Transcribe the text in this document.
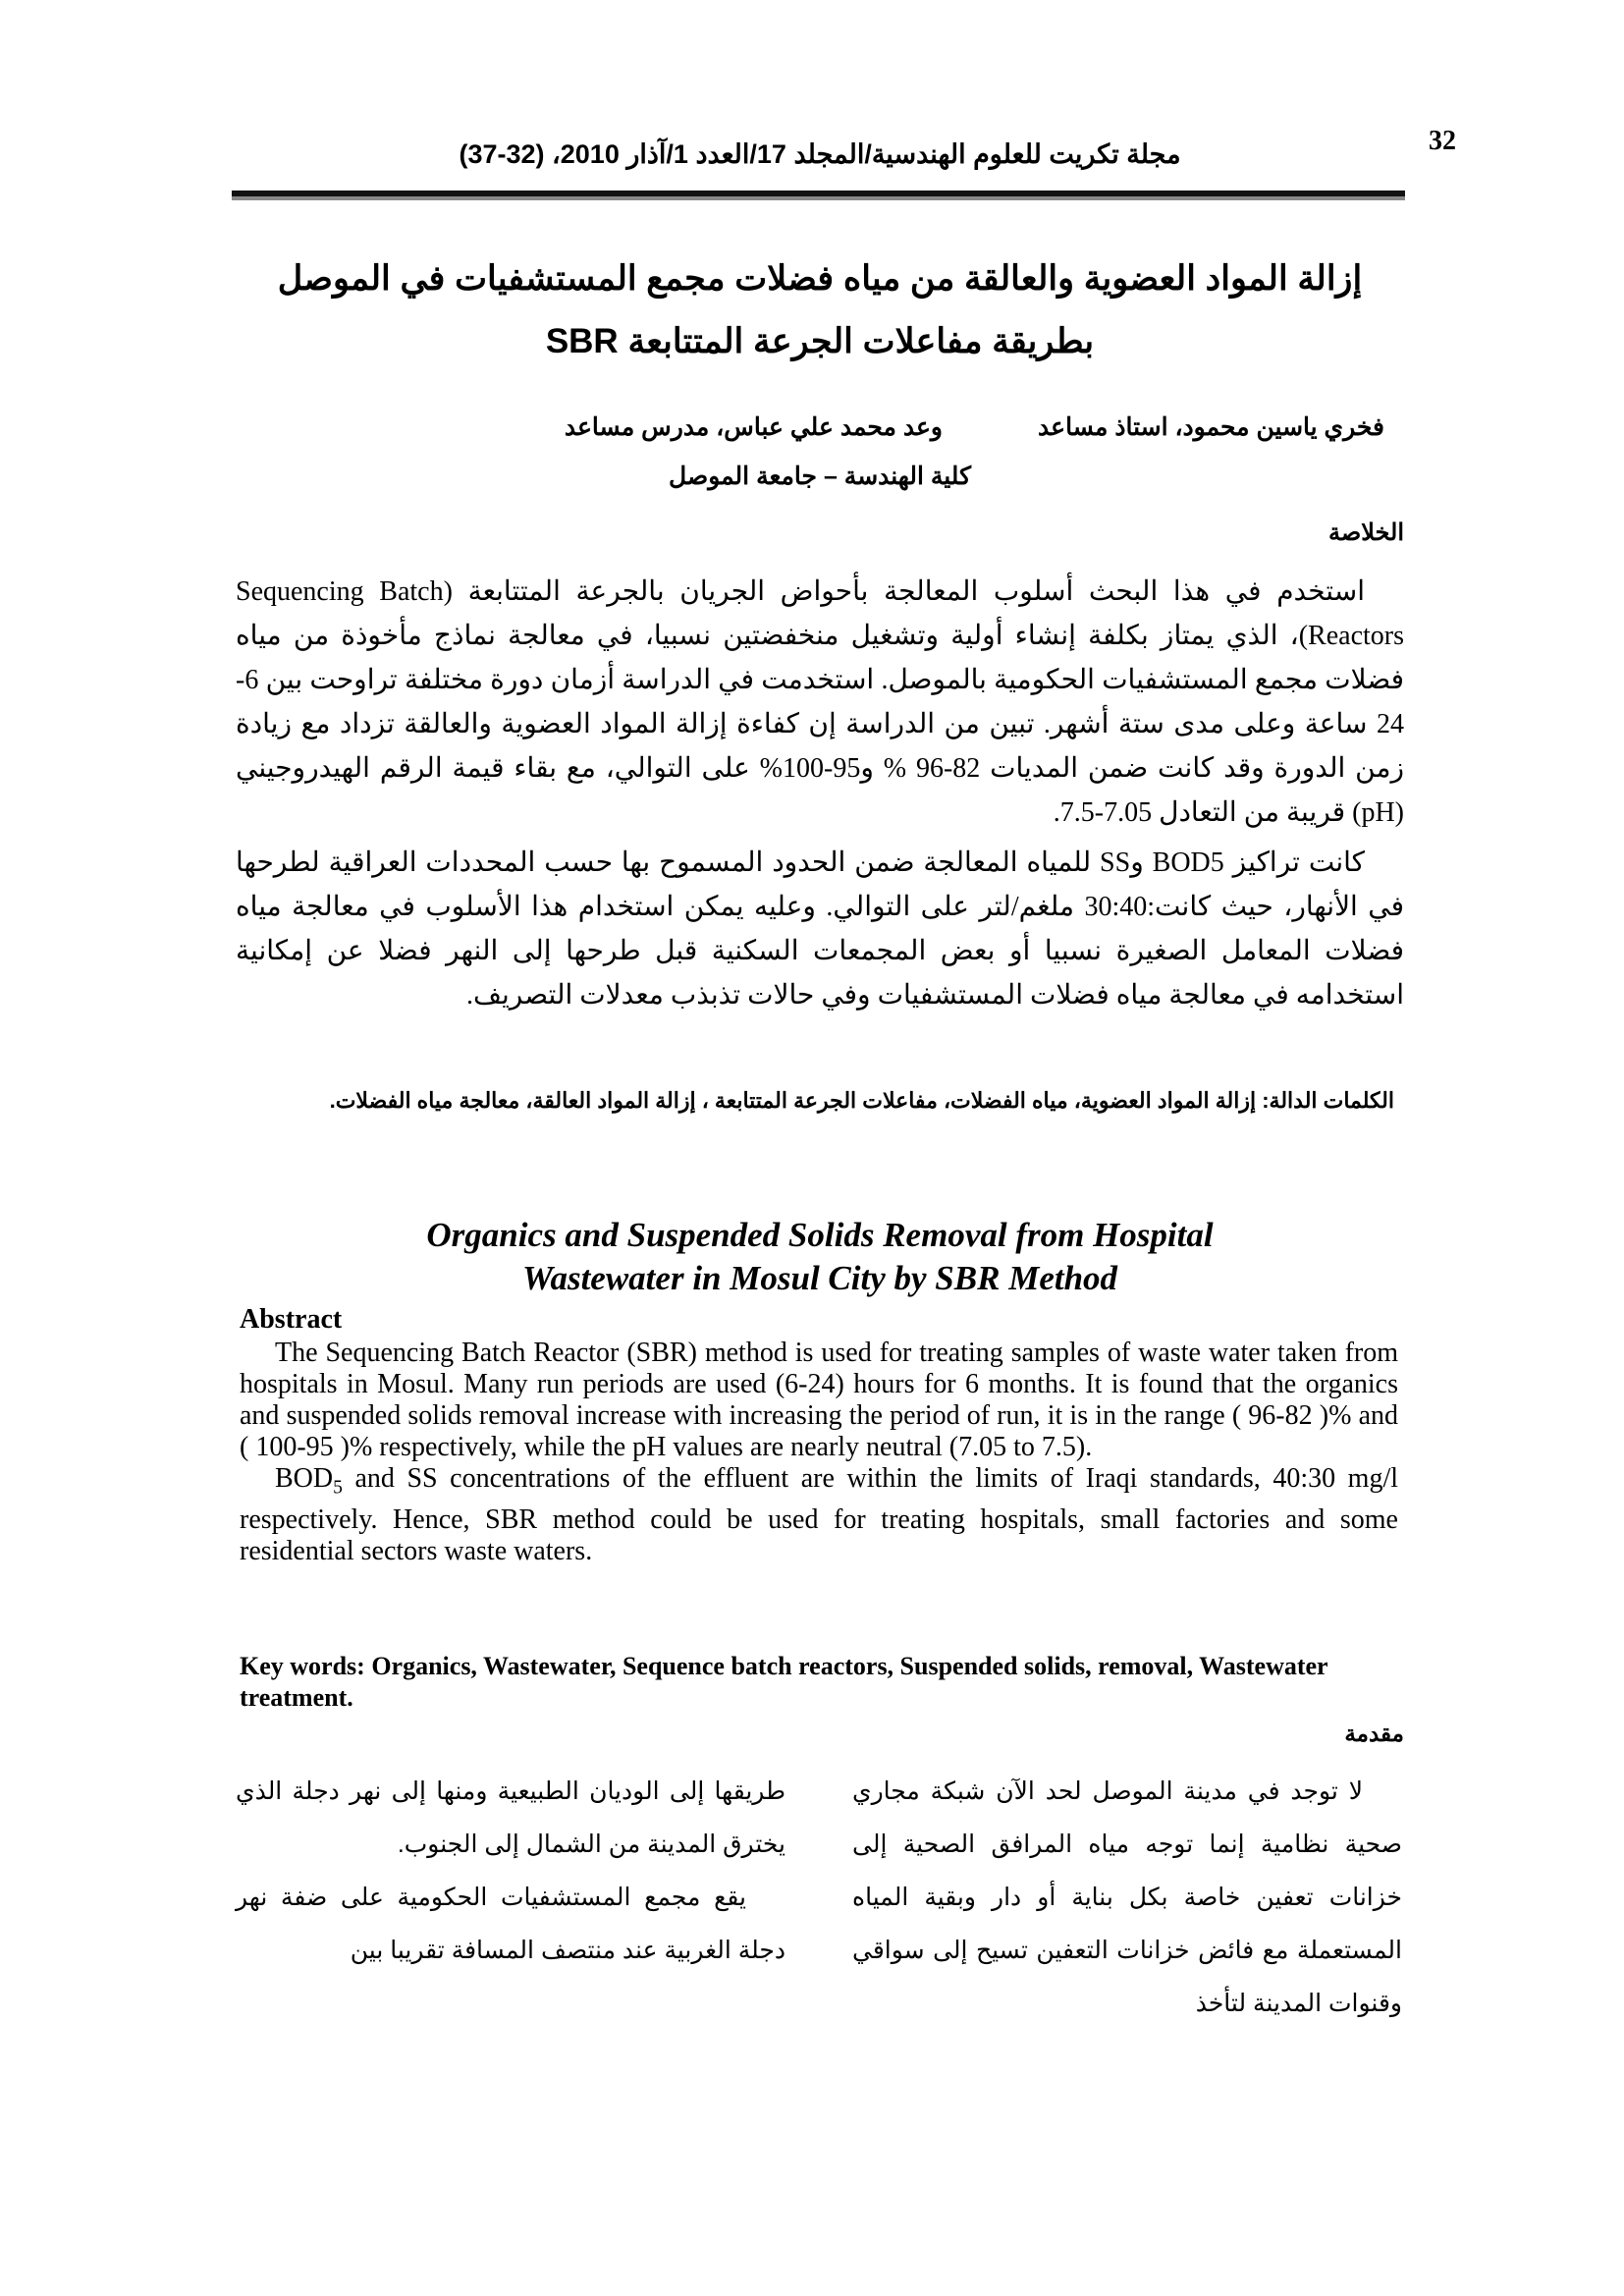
32
مجلة تكريت للعلوم الهندسية/المجلد 17/العدد 1/آذار 2010، (32-37)
إزالة المواد العضوية والعالقة من مياه فضلات مجمع المستشفيات في الموصل بطريقة مفاعلات الجرعة المتتابعة SBR
فخري ياسين محمود، استاذ مساعد
وعد محمد علي عباس، مدرس مساعد
كلية الهندسة – جامعة الموصل
الخلاصة

استخدم في هذا البحث أسلوب المعالجة بأحواض الجريان بالجرعة المتتابعة (Sequencing Batch Reactors)، الذي يمتاز بكلفة إنشاء أولية وتشغيل منخفضتين نسبيا، في معالجة نماذج مأخوذة من مياه فضلات مجمع المستشفيات الحكومية بالموصل. استخدمت في الدراسة أزمان دورة مختلفة تراوحت بين 6-24 ساعة وعلى مدى ستة أشهر. تبين من الدراسة إن كفاءة إزالة المواد العضوية والعالقة تزداد مع زيادة زمن الدورة وقد كانت ضمن المديات 82-96 % و95-100% على التوالي، مع بقاء قيمة الرقم الهيدروجيني (pH) قريبة من التعادل 7.05-7.5.

كانت تراكيز BOD5 وSS للمياه المعالجة ضمن الحدود المسموح بها حسب المحددات العراقية لطرحها في الأنهار، حيث كانت:30:40 ملغم/لتر على التوالي. وعليه يمكن استخدام هذا الأسلوب في معالجة مياه فضلات المعامل الصغيرة نسبيا أو بعض المجمعات السكنية قبل طرحها إلى النهر فضلا عن إمكانية استخدامه في معالجة مياه فضلات المستشفيات وفي حالات تذبذب معدلات التصريف.

الكلمات الدالة: إزالة المواد العضوية، مياه الفضلات، مفاعلات الجرعة المتتابعة ، إزالة المواد العالقة، معالجة مياه الفضلات.
Organics and Suspended Solids Removal from Hospital
Wastewater in Mosul City by SBR Method
Abstract

The Sequencing Batch Reactor (SBR) method is used for treating samples of waste water taken from hospitals in Mosul. Many run periods are used (6-24) hours for 6 months. It is found that the organics and suspended solids removal increase with increasing the period of run, it is in the range ( 96-82 )% and ( 100-95 )% respectively, while the pH values are nearly neutral (7.05 to 7.5).

$BOD_5$ and SS concentrations of the effluent are within the limits of Iraqi standards, 40:30 mg/l respectively. Hence, SBR method could be used for treating hospitals, small factories and some residential sectors waste waters.

Key words: Organics, Wastewater, Sequence batch reactors, Suspended solids, removal, Wastewater treatment.
مقدمة

لا توجد في مدينة الموصل لحد الآن شبكة مجاري صحية نظامية إنما توجه مياه المرافق الصحية إلى خزانات تعفين خاصة بكل بناية أو دار وبقية المياه المستعملة مع فائض خزانات التعفين تسيح إلى سواقي وقنوات المدينة لتأخذ

طريقها إلى الوديان الطبيعية ومنها إلى نهر دجلة الذي يخترق المدينة من الشمال إلى الجنوب.

يقع مجمع المستشفيات الحكومية على ضفة نهر دجلة الغربية عند منتصف المسافة تقريبا بين
